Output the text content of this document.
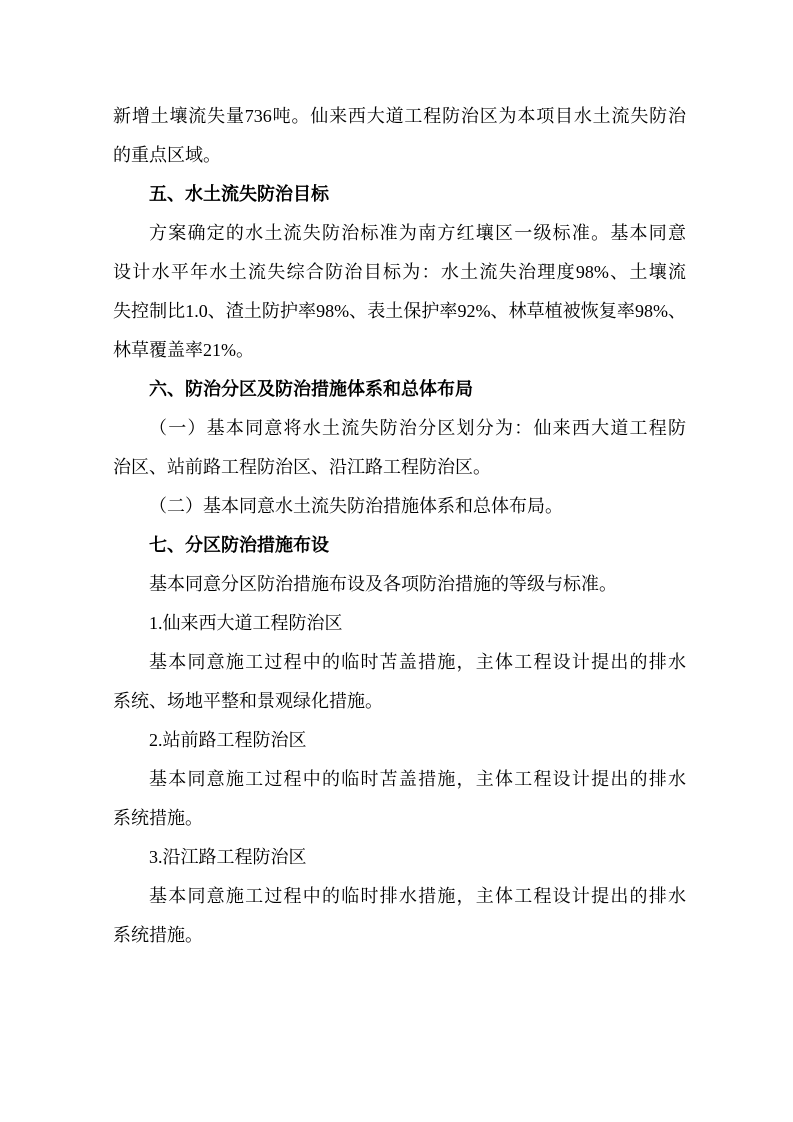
新增土壤流失量736吨。仙来西大道工程防治区为本项目水土流失防治
的重点区域。
五、水土流失防治目标
方案确定的水土流失防治标准为南方红壤区一级标准。基本同意
设计水平年水土流失综合防治目标为：水土流失治理度98%、土壤流
失控制比1.0、渣土防护率98%、表土保护率92%、林草植被恢复率98%、
林草覆盖率21%。
六、防治分区及防治措施体系和总体布局
（一）基本同意将水土流失防治分区划分为：仙来西大道工程防
治区、站前路工程防治区、沿江路工程防治区。
（二）基本同意水土流失防治措施体系和总体布局。
七、分区防治措施布设
基本同意分区防治措施布设及各项防治措施的等级与标准。
1.仙来西大道工程防治区
基本同意施工过程中的临时苫盖措施，主体工程设计提出的排水
系统、场地平整和景观绿化措施。
2.站前路工程防治区
基本同意施工过程中的临时苫盖措施，主体工程设计提出的排水
系统措施。
3.沿江路工程防治区
基本同意施工过程中的临时排水措施，主体工程设计提出的排水
系统措施。
